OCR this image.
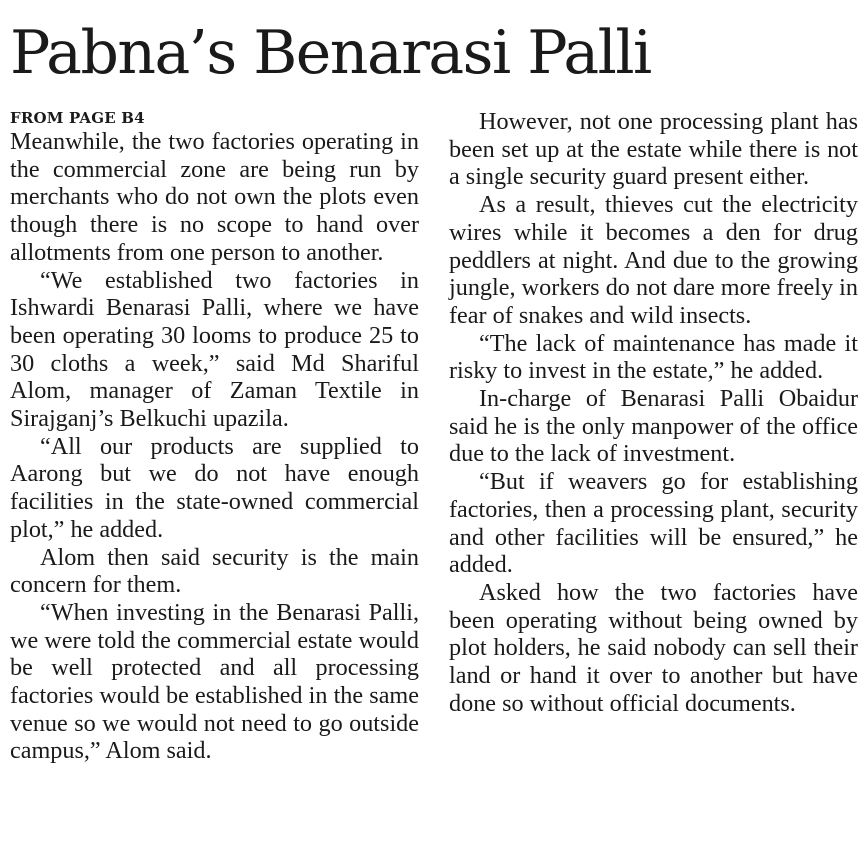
Pabna’s Benarasi Palli
FROM PAGE B4

Meanwhile, the two factories operating in the commercial zone are being run by merchants who do not own the plots even though there is no scope to hand over allotments from one person to another.

“We established two factories in Ishwardi Benarasi Palli, where we have been operating 30 looms to produce 25 to 30 cloths a week,” said Md Shariful Alom, manager of Zaman Textile in Sirajganj’s Belkuchi upazila.

“All our products are supplied to Aarong but we do not have enough facilities in the state-owned commercial plot,” he added.

Alom then said security is the main concern for them.

“When investing in the Benarasi Palli, we were told the commercial estate would be well protected and all processing factories would be established in the same venue so we would not need to go outside campus,” Alom said.

However, not one processing plant has been set up at the estate while there is not a single security guard present either.

As a result, thieves cut the electricity wires while it becomes a den for drug peddlers at night. And due to the growing jungle, workers do not dare more freely in fear of snakes and wild insects.

“The lack of maintenance has made it risky to invest in the estate,” he added.

In-charge of Benarasi Palli Obaidur said he is the only manpower of the office due to the lack of investment.

“But if weavers go for establishing factories, then a processing plant, security and other facilities will be ensured,” he added.

Asked how the two factories have been operating without being owned by plot holders, he said nobody can sell their land or hand it over to another but have done so without official documents.
